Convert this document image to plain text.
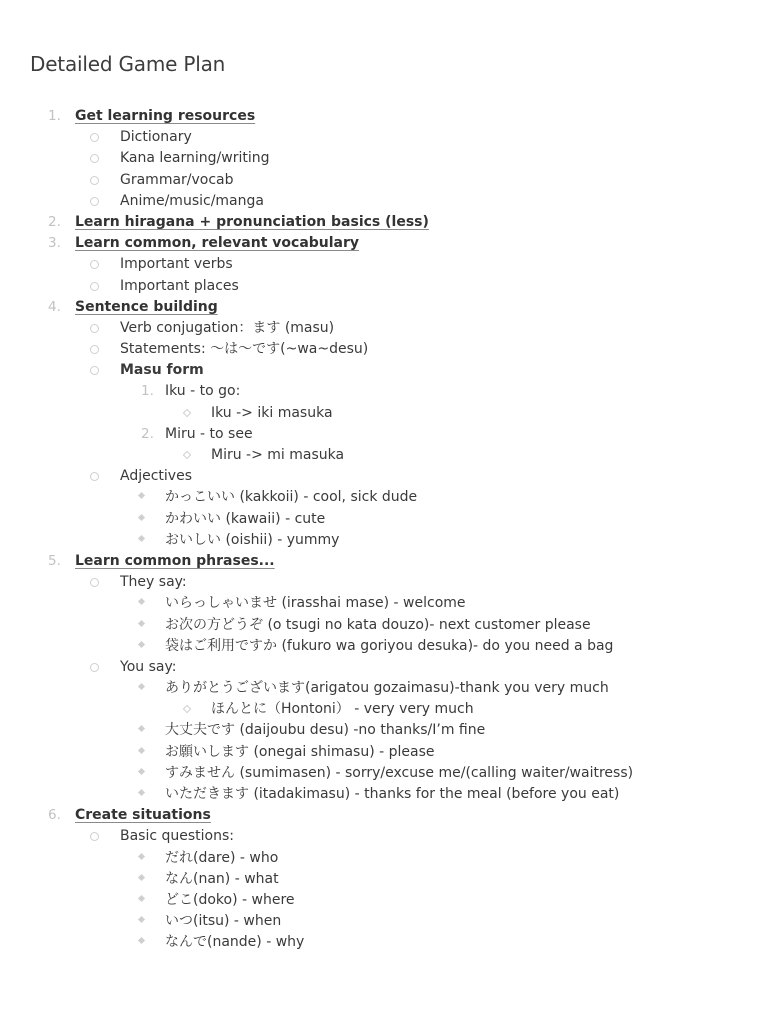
Detailed Game Plan
1. Get learning resources
Dictionary
Kana learning/writing
Grammar/vocab
Anime/music/manga
2. Learn hiragana + pronunciation basics (less)
3. Learn common, relevant vocabulary
Important verbs
Important places
4. Sentence building
Verb conjugation：ます (masu)
Statements: 〜は〜です(~wa~desu)
Masu form
1. Iku - to go:
Iku -> iki masuka
2. Miru - to see
Miru -> mi masuka
Adjectives
かっこいい (kakkoii) - cool, sick dude
かわいい (kawaii) - cute
おいしい (oishii) - yummy
5. Learn common phrases...
They say:
いらっしゃいませ (irasshai mase) - welcome
お次の方どうぞ (o tsugi no kata douzo)- next customer please
袋はご利用ですか (fukuro wa goriyou desuka)- do you need a bag
You say:
ありがとうございます(arigatou gozaimasu)-thank you very much
ほんとに（Hontoni） - very very much
大丈夫です (daijoubu desu) -no thanks/I’m fine
お願いします (onegai shimasu) - please
すみません (sumimasen) - sorry/excuse me/(calling waiter/waitress)
いただきます (itadakimasu) - thanks for the meal (before you eat)
6. Create situations
Basic questions:
だれ(dare) - who
なん(nan) - what
どこ(doko) - where
いつ(itsu) - when
なんで(nande) - why
